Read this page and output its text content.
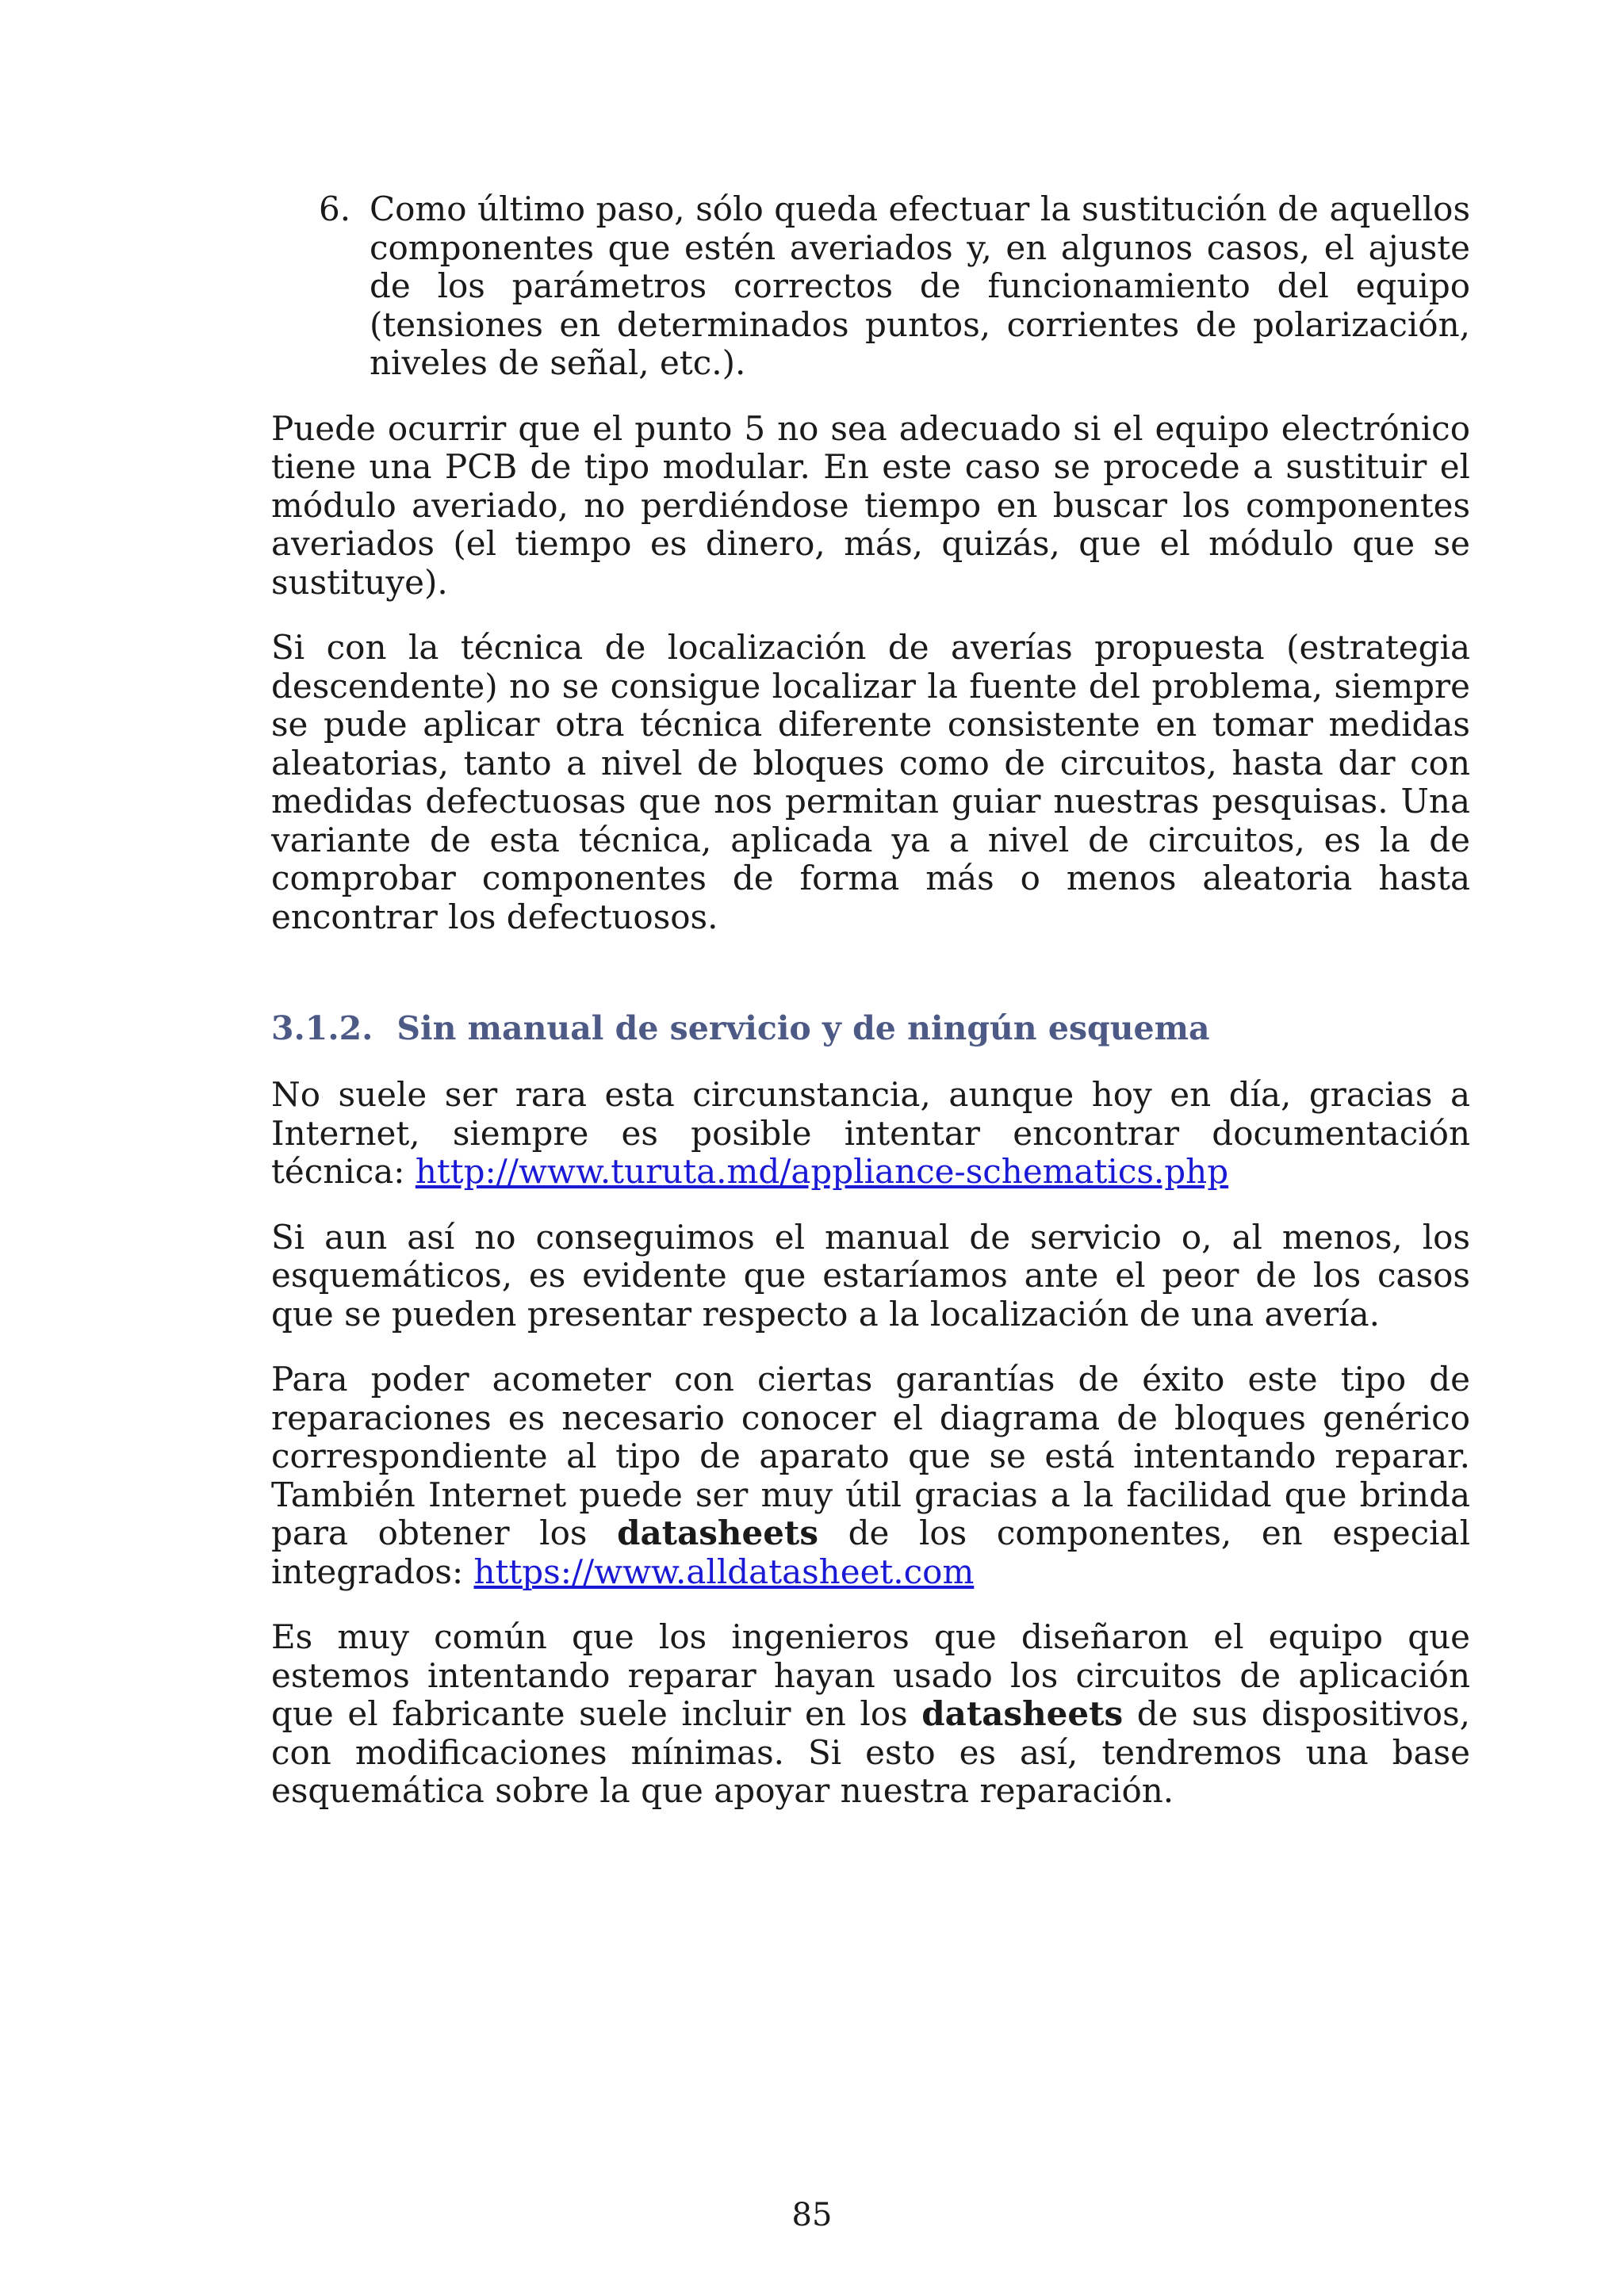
6. Como último paso, sólo queda efectuar la sustitución de aquellos componentes que estén averiados y, en algunos casos, el ajuste de los parámetros correctos de funcionamiento del equipo (tensiones en determinados puntos, corrientes de polarización, niveles de señal, etc.).

Puede ocurrir que el punto 5 no sea adecuado si el equipo electrónico tiene una PCB de tipo modular. En este caso se procede a sustituir el módulo averiado, no perdiéndose tiempo en buscar los componentes averiados (el tiempo es dinero, más, quizás, que el módulo que se sustituye).

Si con la técnica de localización de averías propuesta (estrategia descendente) no se consigue localizar la fuente del problema, siempre se pude aplicar otra técnica diferente consistente en tomar medidas aleatorias, tanto a nivel de bloques como de circuitos, hasta dar con medidas defectuosas que nos permitan guiar nuestras pesquisas. Una variante de esta técnica, aplicada ya a nivel de circuitos, es la de comprobar componentes de forma más o menos aleatoria hasta encontrar los defectuosos.

3.1.2. Sin manual de servicio y de ningún esquema

No suele ser rara esta circunstancia, aunque hoy en día, gracias a Internet, siempre es posible intentar encontrar documentación técnica: http://www.turuta.md/appliance-schematics.php

Si aun así no conseguimos el manual de servicio o, al menos, los esquemáticos, es evidente que estaríamos ante el peor de los casos que se pueden presentar respecto a la localización de una avería.

Para poder acometer con ciertas garantías de éxito este tipo de reparaciones es necesario conocer el diagrama de bloques genérico correspondiente al tipo de aparato que se está intentando reparar. También Internet puede ser muy útil gracias a la facilidad que brinda para obtener los datasheets de los componentes, en especial integrados: https://www.alldatasheet.com

Es muy común que los ingenieros que diseñaron el equipo que estemos intentando reparar hayan usado los circuitos de aplicación que el fabricante suele incluir en los datasheets de sus dispositivos, con modificaciones mínimas. Si esto es así, tendremos una base esquemática sobre la que apoyar nuestra reparación.

85
